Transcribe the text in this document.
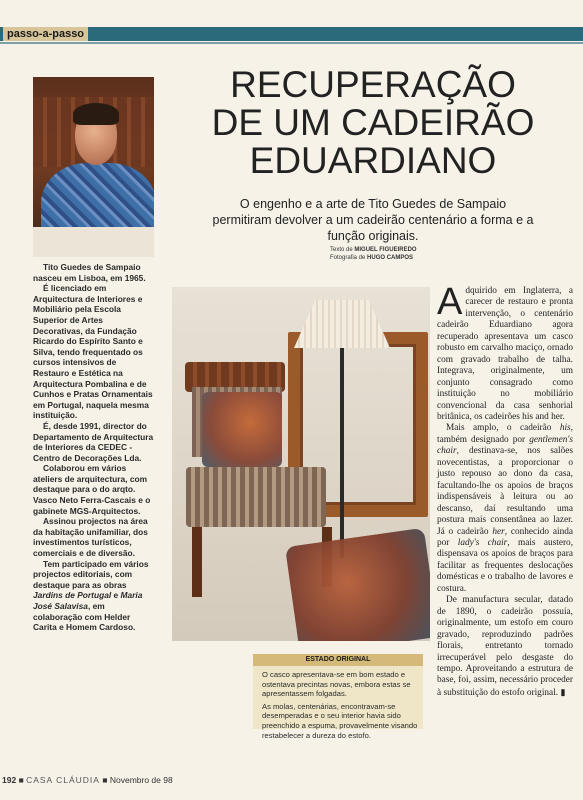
passo-a-passo

Tito Guedes de Sampaio nasceu em Lisboa, em 1965.

É licenciado em Arquitectura de Interiores e Mobiliário pela Escola Superior de Artes Decorativas, da Fundação Ricardo do Espírito Santo e Silva, tendo frequentado os cursos intensivos de Restauro e Estética na Arquitectura Pombalina e de Cunhos e Pratas Ornamentais em Portugal, naquela mesma instituição.

É, desde 1991, director do Departamento de Arquitectura de Interiores da CEDEC - Centro de Decorações Lda.

Colaborou em vários ateliers de arquitectura, com destaque para o do arqto. Vasco Neto Ferra-Cascais e o gabinete MGS-Arquitectos.

Assinou projectos na área da habitação unifamiliar, dos investimentos turísticos, comerciais e de diversão.

Tem participado em vários projectos editoriais, com destaque para as obras Jardins de Portugal e Maria José Salavisa, em colaboração com Helder Carita e Homem Cardoso.

RECUPERAÇÃO
DE UM CADEIRÃO
EDUARDIANO
O engenho e a arte de Tito Guedes de Sampaio permitiram devolver a um cadeirão centenário a forma e a função originais.
Texto de MIGUEL FIGUEIREDO
Fotografia de HUGO CAMPOS
ESTADO ORIGINAL

O casco apresentava-se em bom estado e ostentava precintas novas, embora estas se apresentassem folgadas.

As molas, centenárias, encontravam-se desemperadas e o seu interior havia sido preenchido a espuma, provavelmente visando restabelecer a dureza do estofo.

Adquirido em Inglaterra, a carecer de restauro e pronta intervenção, o centenário cadeirão Eduardiano agora recuperado apresentava um casco robusto em carvalho maciço, ornado com gravado trabalho de talha. Integrava, originalmente, um conjunto consagrado como instituição no mobiliário convencional da casa senhorial britânica, os cadeirões his and her.

Mais amplo, o cadeirão his, também designado por gentlemen's chair, destinava-se, nos salões novecentistas, a proporcionar o justo repouso ao dono da casa, facultando-lhe os apoios de braços indispensáveis à leitura ou ao descanso, daí resultando uma postura mais consentânea ao lazer. Já o cadeirão her, conhecido ainda por lady's chair, mais austero, dispensava os apoios de braços para facilitar as frequentes deslocações domésticas e o trabalho de lavores e costura.

De manufactura secular, datado de 1890, o cadeirão possuía, originalmente, um estofo em couro gravado, reproduzindo padrões florais, entretanto tornado irrecuperável pelo desgaste do tempo. Aproveitando a estrutura de base, foi, assim, necessário proceder à substituição do estofo original. ▮

192 ■ CASA CLÁUDIA ■ Novembro de 98
